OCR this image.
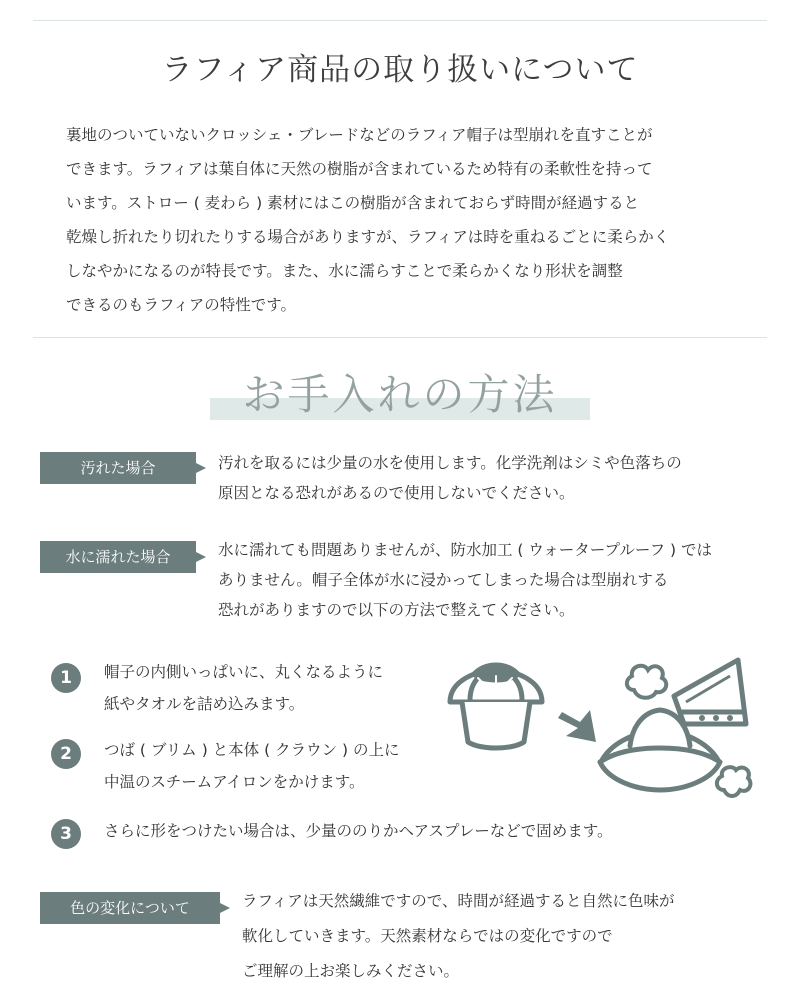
ラフィア商品の取り扱いについて
裏地のついていないクロッシェ・ブレードなどのラフィア帽子は型崩れを直すことが
できます。ラフィアは葉自体に天然の樹脂が含まれているため特有の柔軟性を持って
います。ストロー ( 麦わら ) 素材にはこの樹脂が含まれておらず時間が経過すると
乾燥し折れたり切れたりする場合がありますが、ラフィアは時を重ねるごとに柔らかく
しなやかになるのが特長です。また、水に濡らすことで柔らかくなり形状を調整
できるのもラフィアの特性です。
お手入れの方法
汚れた場合	汚れを取るには少量の水を使用します。化学洗剤はシミや色落ちの
原因となる恐れがあるので使用しないでください。
水に濡れた場合	水に濡れても問題ありませんが、防水加工 ( ウォータープルーフ ) では
ありません。帽子全体が水に浸かってしまった場合は型崩れする
恐れがありますので以下の方法で整えてください。
1	帽子の内側いっぱいに、丸くなるように
紙やタオルを詰め込みます。
2	つば ( ブリム ) と本体 ( クラウン ) の上に
中温のスチームアイロンをかけます。
3	さらに形をつけたい場合は、少量ののりかヘアスプレーなどで固めます。
色の変化について	ラフィアは天然繊維ですので、時間が経過すると自然に色味が
軟化していきます。天然素材ならではの変化ですので
ご理解の上お楽しみください。
